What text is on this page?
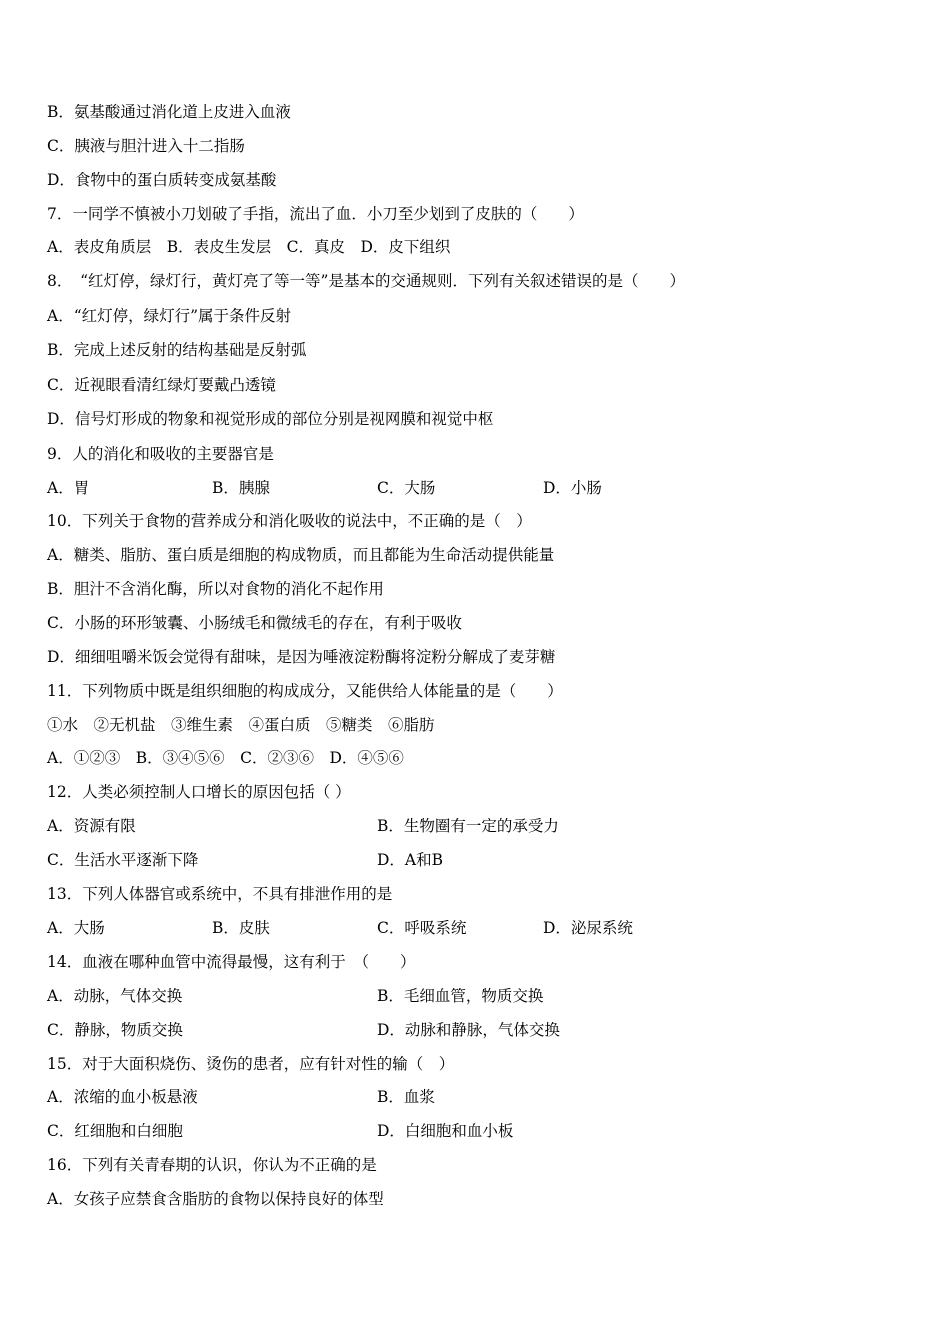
B．氨基酸通过消化道上皮进入血液
C．胰液与胆汁进入十二指肠
D．食物中的蛋白质转变成氨基酸
7．一同学不慎被小刀划破了手指，流出了血．小刀至少划到了皮肤的（　　）
A．表皮角质层　B．表皮生发层　C．真皮　D．皮下组织
8．　“红灯停，绿灯行，黄灯亮了等一等”是基本的交通规则．下列有关叙述错误的是（　　）
A．“红灯停，绿灯行”属于条件反射
B．完成上述反射的结构基础是反射弧
C．近视眼看清红绿灯要戴凸透镜
D．信号灯形成的物象和视觉形成的部位分别是视网膜和视觉中枢
9．人的消化和吸收的主要器官是
A．胃	B．胰腺	C．大肠	D．小肠
10．下列关于食物的营养成分和消化吸收的说法中，不正确的是（　）
A．糖类、脂肪、蛋白质是细胞的构成物质，而且都能为生命活动提供能量
B．胆汁不含消化酶，所以对食物的消化不起作用
C．小肠的环形皱囊、小肠绒毛和微绒毛的存在，有利于吸收
D．细细咀嚼米饭会觉得有甜味，是因为唾液淀粉酶将淀粉分解成了麦芽糖
11．下列物质中既是组织细胞的构成成分，又能供给人体能量的是（　　）
①水　②无机盐　③维生素　④蛋白质　⑤糖类　⑥脂肪
A．①②③　B．③④⑤⑥　C．②③⑥　D．④⑤⑥
12．人类必须控制人口增长的原因包括（ ）
A．资源有限	B．生物圈有一定的承受力
C．生活水平逐渐下降	D．A和B
13．下列人体器官或系统中，不具有排泄作用的是
A．大肠	B．皮肤	C．呼吸系统	D．泌尿系统
14．血液在哪种血管中流得最慢，这有利于　（　　）
A．动脉，气体交换	B．毛细血管，物质交换
C．静脉，物质交换	D．动脉和静脉，气体交换
15．对于大面积烧伤、烫伤的患者，应有针对性的输（　）
A．浓缩的血小板悬液	B．血浆
C．红细胞和白细胞	D．白细胞和血小板
16．下列有关青春期的认识，你认为不正确的是
A．女孩子应禁食含脂肪的食物以保持良好的体型
